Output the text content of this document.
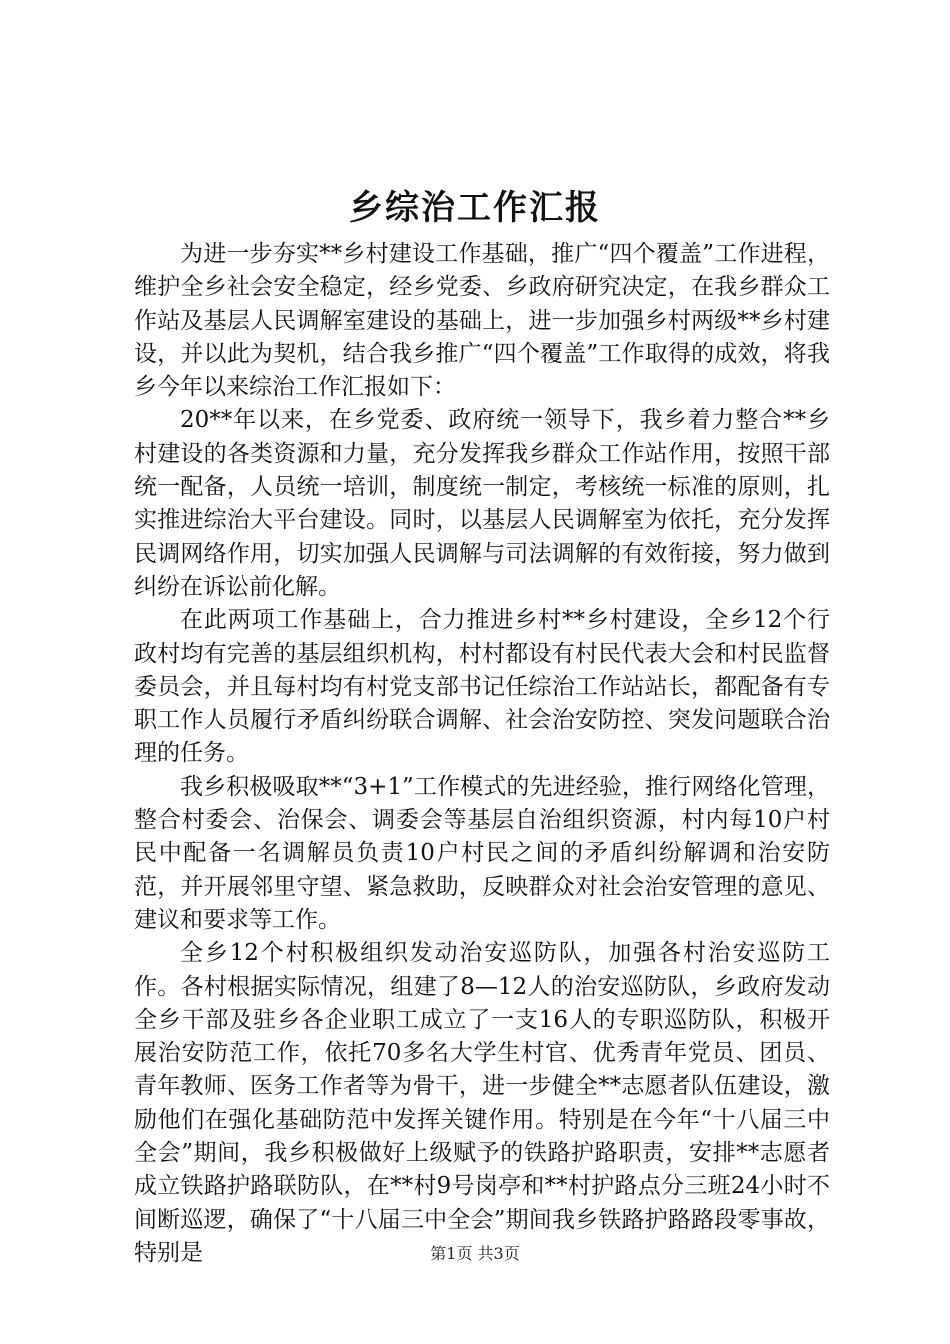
乡综治工作汇报

为进一步夯实**乡村建设工作基础，推广“四个覆盖”工作进程，维护全乡社会安全稳定，经乡党委、乡政府研究决定，在我乡群众工作站及基层人民调解室建设的基础上，进一步加强乡村两级**乡村建设，并以此为契机，结合我乡推广“四个覆盖”工作取得的成效，将我乡今年以来综治工作汇报如下：

20**年以来，在乡党委、政府统一领导下，我乡着力整合**乡村建设的各类资源和力量，充分发挥我乡群众工作站作用，按照干部统一配备，人员统一培训，制度统一制定，考核统一标准的原则，扎实推进综治大平台建设。同时，以基层人民调解室为依托，充分发挥民调网络作用，切实加强人民调解与司法调解的有效衔接，努力做到纠纷在诉讼前化解。

在此两项工作基础上，合力推进乡村**乡村建设，全乡12个行政村均有完善的基层组织机构，村村都设有村民代表大会和村民监督委员会，并且每村均有村党支部书记任综治工作站站长，都配备有专职工作人员履行矛盾纠纷联合调解、社会治安防控、突发问题联合治理的任务。

我乡积极吸取**“3+1”工作模式的先进经验，推行网络化管理，整合村委会、治保会、调委会等基层自治组织资源，村内每10户村民中配备一名调解员负责10户村民之间的矛盾纠纷解调和治安防范，并开展邻里守望、紧急救助，反映群众对社会治安管理的意见、建议和要求等工作。

全乡12个村积极组织发动治安巡防队，加强各村治安巡防工作。各村根据实际情况，组建了8—12人的治安巡防队，乡政府发动全乡干部及驻乡各企业职工成立了一支16人的专职巡防队，积极开展治安防范工作，依托70多名大学生村官、优秀青年党员、团员、青年教师、医务工作者等为骨干，进一步健全**志愿者队伍建设，激励他们在强化基础防范中发挥关键作用。特别是在今年“十八届三中全会”期间，我乡积极做好上级赋予的铁路护路职责，安排**志愿者成立铁路护路联防队，在**村9号岗亭和**村护路点分三班24小时不间断巡逻，确保了“十八届三中全会”期间我乡铁路护路路段零事故，特别是	第1页 共3页
